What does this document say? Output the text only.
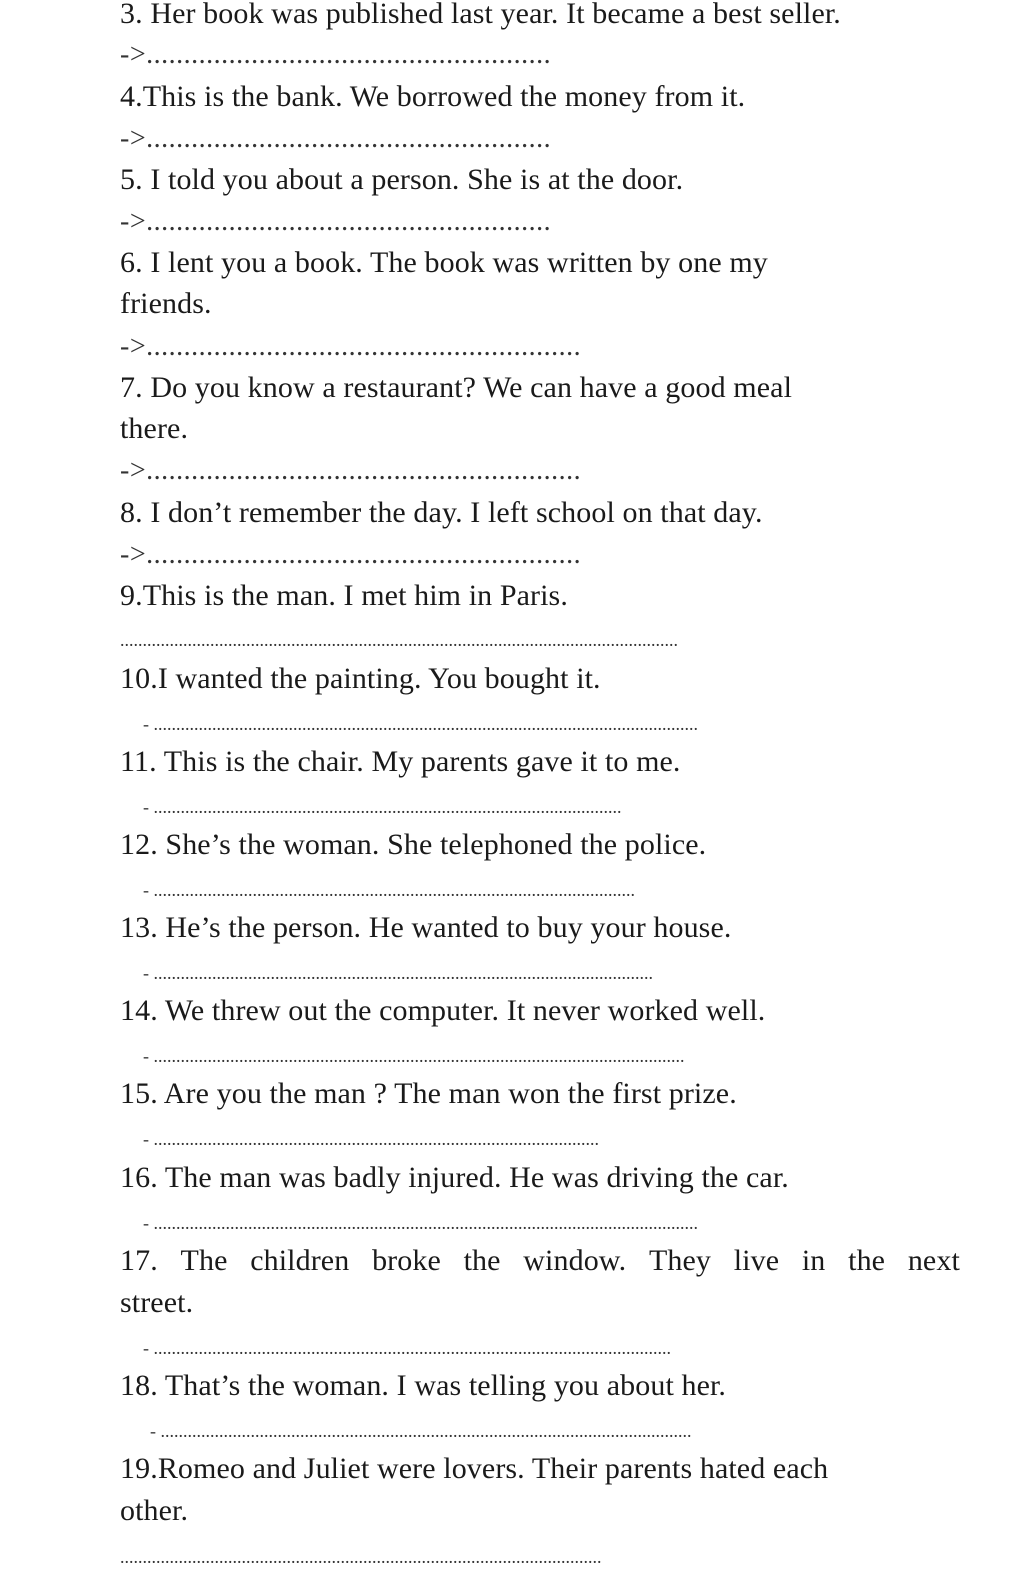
3. Her book was published last year. It became a best seller.
->......................................................
4.This is the bank. We borrowed the money from it.
->......................................................
5. I told you about a person. She is at the door.
->......................................................
6. I lent you a book. The book was written by one my
friends.
->..........................................................
7. Do you know a restaurant? We can have a good meal
there.
->..........................................................
8. I don’t remember the day. I left school on that day.
->..........................................................
9.This is the man. I met him in Paris.
............................................................................................................................
10.I wanted the painting. You bought it.
- .........................................................................................................................
11. This is the chair. My parents gave it to me.
- ........................................................................................................
12. She’s the woman. She telephoned the police.
- ...........................................................................................................
13. He’s the person. He wanted to buy your house.
- ...............................................................................................................
14. We threw out the computer. It never worked well.
- ......................................................................................................................
15. Are you the man ? The man won the first prize.
- ...................................................................................................
16. The man was badly injured. He was driving the car.
- .........................................................................................................................
17. The children broke the window. They live in the next
street.
- ...................................................................................................................
18. That’s the woman. I was telling you about her.
- ......................................................................................................................
19.Romeo and Juliet were lovers. Their parents hated each
other.
...........................................................................................................
